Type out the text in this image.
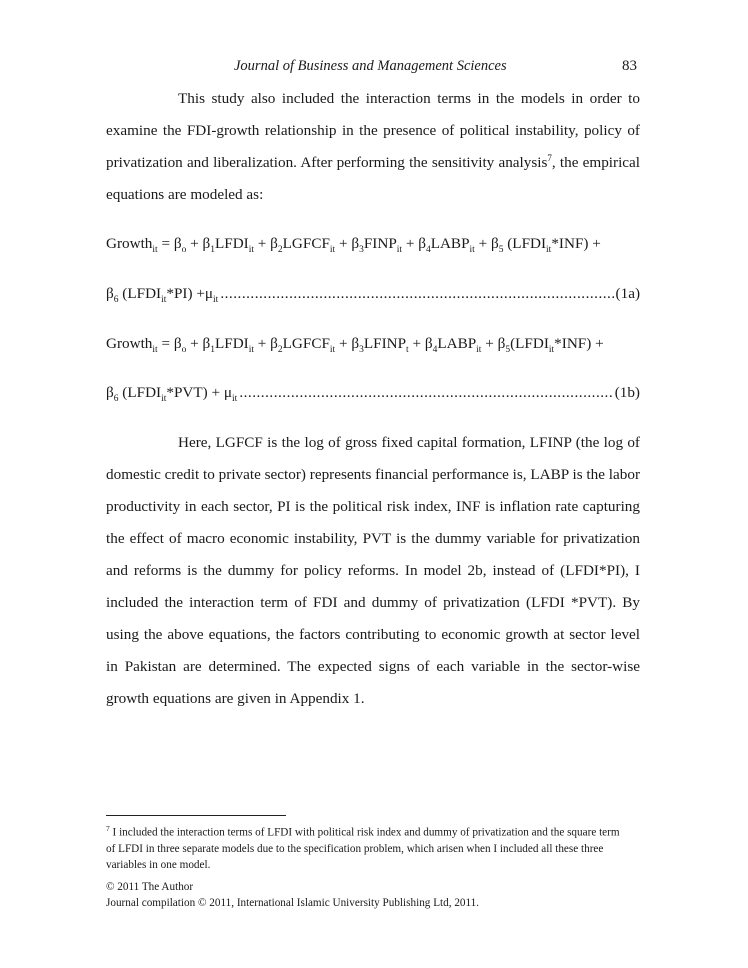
Journal of Business and Management Sciences	83

This study also included the interaction terms in the models in order to examine the FDI-growth relationship in the presence of political instability, policy of privatization and liberalization. After performing the sensitivity analysis$^7$, the empirical equations are modeled as:

Growth$_{it}$ = $\beta_o$ + $\beta_1LFDI_{it}$ + $\beta_2LGFCF_{it}$ + $\beta_3FINP_{it}$ + $\beta_4LABP_{it} + \beta_5$ $(LFDI_{it}*INF)$ +
$\beta_6$ $(LFDI_{it}*PI) +\mu_{it}$ .....	(1a)
Growth$_{it}$ = $\beta_o$ + $\beta_1LFDI_{it}$ + $\beta_2LGFCF_{it}$ + $\beta_3LFINP_t$ + $\beta_4LABP_{it}$ + $\beta_5(LFDI_{it}*INF)$ +
$\beta_6$ $(LFDI_{it}*PVT) + \mu_{it}$ .....	(1b)

Here, LGFCF is the log of gross fixed capital formation, LFINP (the log of domestic credit to private sector) represents financial performance is, LABP is the labor productivity in each sector, PI is the political risk index, INF is inflation rate capturing the effect of macro economic instability, PVT is the dummy variable for privatization and reforms is the dummy for policy reforms. In model 2b, instead of (LFDI*PI), I included the interaction term of FDI and dummy of privatization (LFDI *PVT). By using the above equations, the factors contributing to economic growth at sector level in Pakistan are determined. The expected signs of each variable in the sector-wise growth equations are given in Appendix 1.

$^7$ I included the interaction terms of LFDI with political risk index and dummy of privatization and the square term of LFDI in three separate models due to the specification problem, which arisen when I included all these three variables in one model.

© 2011 The Author
Journal compilation © 2011, International Islamic University Publishing Ltd, 2011.
